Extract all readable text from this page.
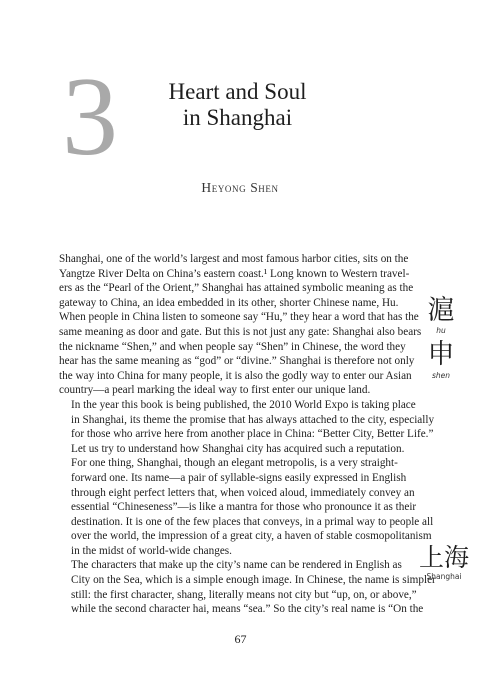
3	Heart and Soul
in Shanghai
Heyong Shen

Shanghai, one of the world’s largest and most famous harbor cities, sits on the
Yangtze River Delta on China’s eastern coast.¹ Long known to Western travel-
ers as the “Pearl of the Orient,” Shanghai has attained symbolic meaning as the
gateway to China, an idea embedded in its other, shorter Chinese name, Hu.
When people in China listen to someone say “Hu,” they hear a word that has the
same meaning as door and gate. But this is not just any gate: Shanghai also bears
the nickname “Shen,” and when people say “Shen” in Chinese, the word they
hear has the same meaning as “god” or “divine.” Shanghai is therefore not only
the way into China for many people, it is also the godly way to enter our Asian
country—a pearl marking the ideal way to first enter our unique land.

In the year this book is being published, the 2010 World Expo is taking place
in Shanghai, its theme the promise that has always attached to the city, especially
for those who arrive here from another place in China: “Better City, Better Life.”
Let us try to understand how Shanghai city has acquired such a reputation.

For one thing, Shanghai, though an elegant metropolis, is a very straight-
forward one. Its name—a pair of syllable-signs easily expressed in English
through eight perfect letters that, when voiced aloud, immediately convey an
essential “Chineseness”—is like a mantra for those who pronounce it as their
destination. It is one of the few places that conveys, in a primal way to people all
over the world, the impression of a great city, a haven of stable cosmopolitanism
in the midst of world-wide changes.

The characters that make up the city’s name can be rendered in English as
City on the Sea, which is a simple enough image. In Chinese, the name is simpler
still: the first character, shang, literally means not city but “up, on, or above,”
while the second character hai, means “sea.” So the city’s real name is “On the

滬
hu
申
shen
上海
Shanghai
67
